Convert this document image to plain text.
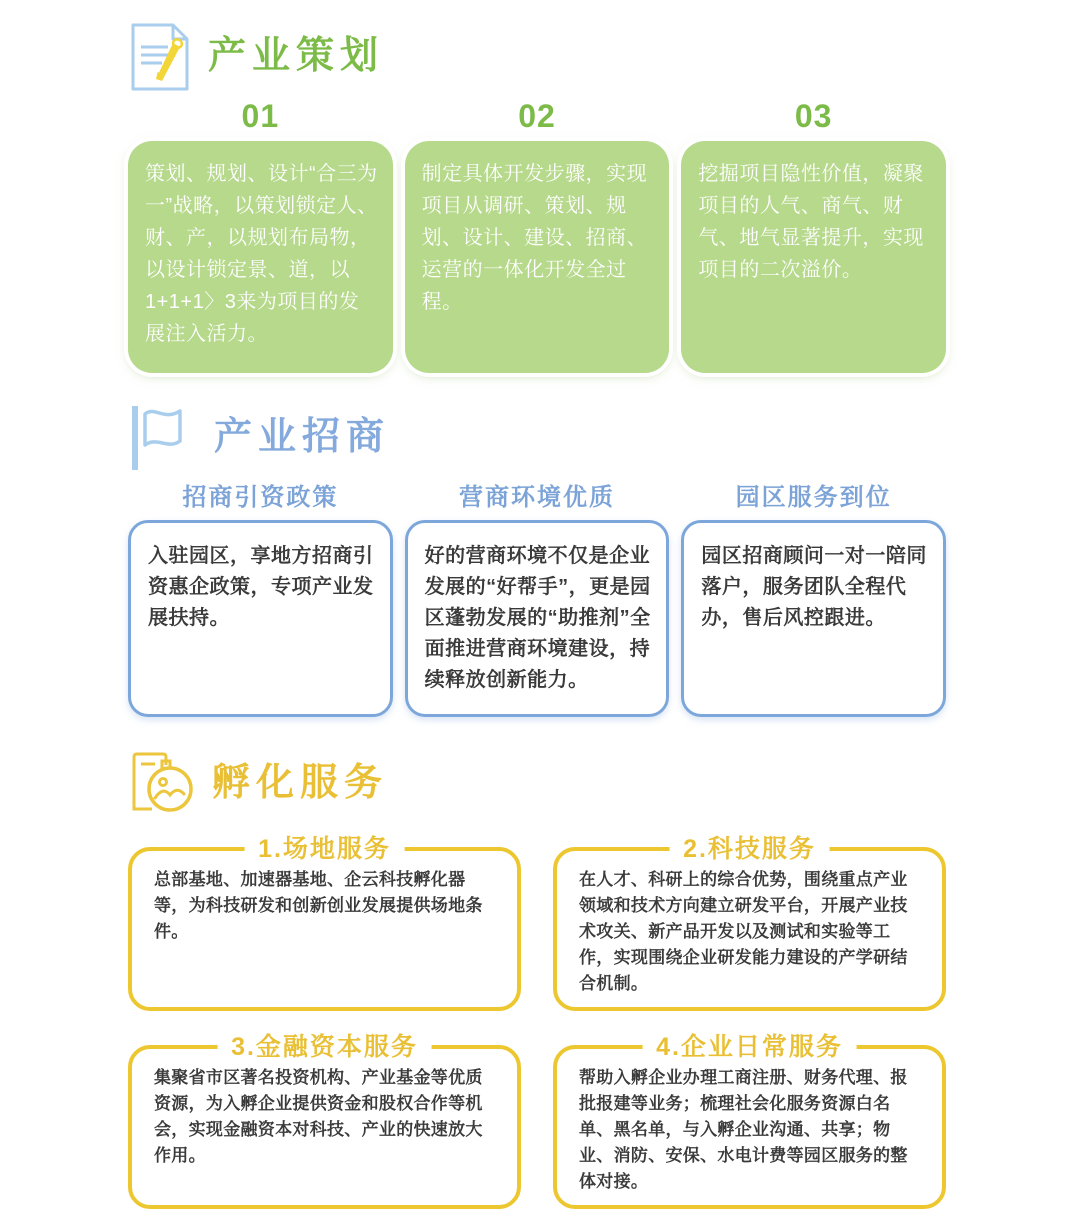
产业策划
01	02	03

策划、规划、设计“合三为一”战略，以策划锁定人、财、产，以规划布局物，以设计锁定景、道，以1+1+1〉3来为项目的发展注入活力。

制定具体开发步骤，实现项目从调研、策划、规划、设计、建设、招商、运营的一体化开发全过程。

挖掘项目隐性价值，凝聚项目的人气、商气、财气、地气显著提升，实现项目的二次溢价。

产业招商
招商引资政策	营商环境优质	园区服务到位

入驻园区，享地方招商引资惠企政策，专项产业发展扶持。

好的营商环境不仅是企业发展的“好帮手”，更是园区蓬勃发展的“助推剂”全面推进营商环境建设，持续释放创新能力。

园区招商顾问一对一陪同落户，服务团队全程代办，售后风控跟进。

孵化服务
1.场地服务

总部基地、加速器基地、企云科技孵化器等，为科技研发和创新创业发展提供场地条件。

2.科技服务

在人才、科研上的综合优势，围绕重点产业领域和技术方向建立研发平台，开展产业技术攻关、新产品开发以及测试和实验等工作，实现围绕企业研发能力建设的产学研结合机制。

3.金融资本服务

集聚省市区著名投资机构、产业基金等优质资源，为入孵企业提供资金和股权合作等机会，实现金融资本对科技、产业的快速放大作用。

4.企业日常服务

帮助入孵企业办理工商注册、财务代理、报批报建等业务；梳理社会化服务资源白名单、黑名单，与入孵企业沟通、共享；物业、消防、安保、水电计费等园区服务的整体对接。
